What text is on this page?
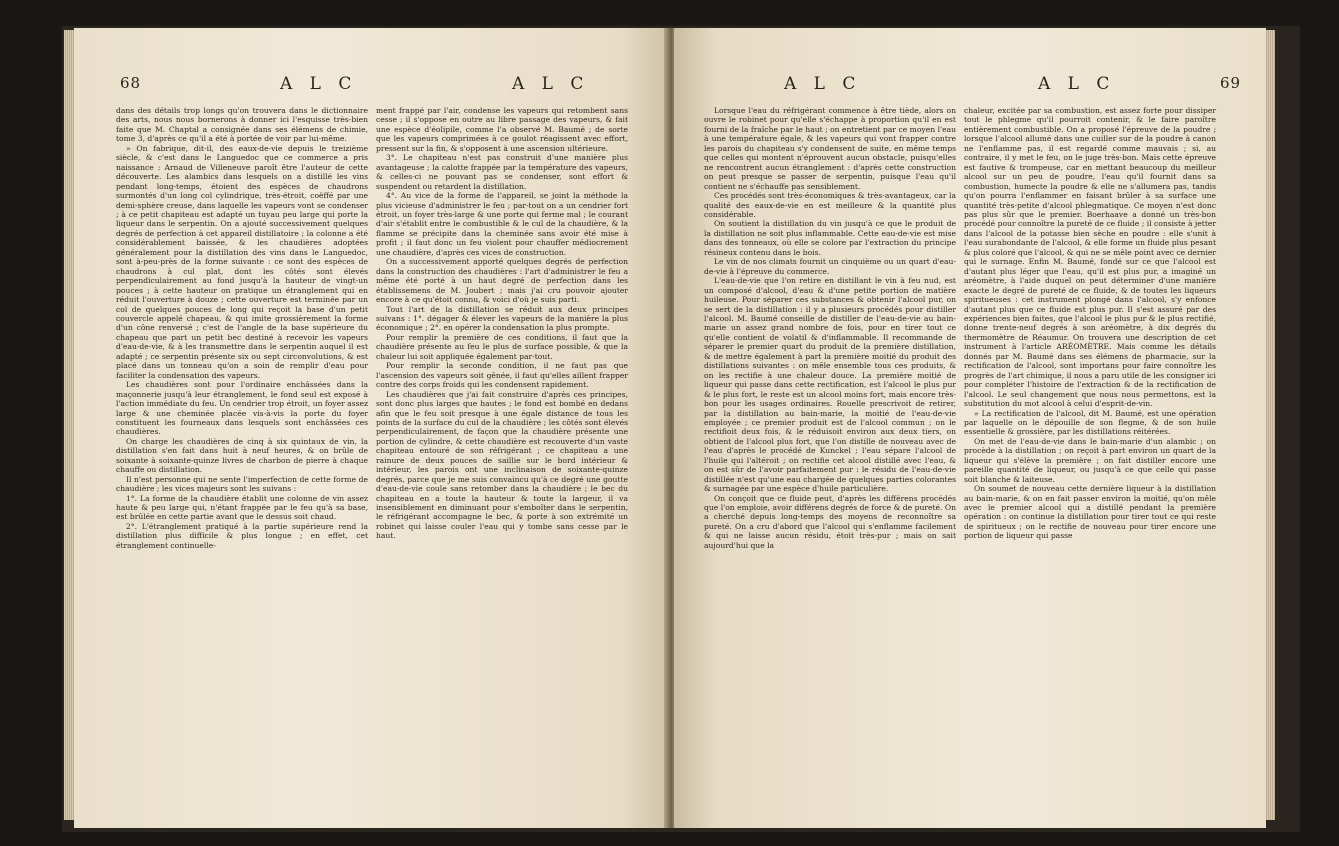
68	A L C	A L C

dans des détails trop longs qu'on trouvera dans le dictionnaire des arts, nous nous bornerons à donner ici l'esquisse très-bien faite que M. Chaptal a consignée dans ses élémens de chimie, tome 3, d'après ce qu'il a été à portée de voir par lui-même.

» On fabrique, dit-il, des eaux-de-vie depuis le treizième siècle, & c'est dans le Languedoc que ce commerce a pris naissance : Arnaud de Villeneuve paroît être l'auteur de cette découverte. Les alambics dans lesquels on a distillé les vins pendant long-temps, étoient des espèces de chaudrons surmontés d'un long col cylindrique, très-étroit, coëffé par une demi-sphère creuse, dans laquelle les vapeurs vont se condenser ; à ce petit chapiteau est adapté un tuyau peu large qui porte la liqueur dans le serpentin. On a ajouté successivement quelques degrés de perfection à cet appareil distillatoire ; la colonne a été considérablement baissée, & les chaudières adoptées généralement pour la distillation des vins dans le Languedoc, sont à-peu-près de la forme suivante : ce sont des espèces de chaudrons à cul plat, dont les côtés sont élevés perpendiculairement au fond jusqu'à la hauteur de vingt-un pouces ; à cette hauteur on pratique un étranglement qui en réduit l'ouverture à douze ; cette ouverture est terminée par un col de quelques pouces de long qui reçoit la base d'un petit couvercle appelé chapeau, & qui imite grossièrement la forme d'un cône renversé ; c'est de l'angle de la base supérieure du chapeau que part un petit bec destiné à recevoir les vapeurs d'eau-de-vie, & à les transmettre dans le serpentin auquel il est adapté ; ce serpentin présente six ou sept circonvolutions, & est placé dans un tonneau qu'on a soin de remplir d'eau pour faciliter la condensation des vapeurs.

Les chaudières sont pour l'ordinaire enchâssées dans la maçonnerie jusqu'à leur étranglement, le fond seul est exposé à l'action immédiate du feu. Un cendrier trop étroit, un foyer assez large & une cheminée placée vis-à-vis la porte du foyer constituent les fourneaux dans lesquels sont enchâssées ces chaudières.

On charge les chaudières de cinq à six quintaux de vin, la distillation s'en fait dans huit à neuf heures, & on brûle de soixante à soixante-quinze livres de charbon de pierre à chaque chauffe ou distillation.

Il n'est personne qui ne sente l'imperfection de cette forme de chaudière ; les vices majeurs sont les suivans :

1°. La forme de la chaudière établit une colonne de vin assez haute & peu large qui, n'étant frappée par le feu qu'à sa base, est brûlée en cette partie avant que le dessus soit chaud.

2°. L'étranglement pratiqué à la partie supérieure rend la distillation plus difficile & plus longue ; en effet, cet étranglement continuelle-

ment frappé par l'air, condense les vapeurs qui retombent sans cesse ; il s'oppose en outre au libre passage des vapeurs, & fait une espèce d'éolipile, comme l'a observé M. Baumé ; de sorte que les vapeurs comprimées à ce goulot réagissent avec effort, pressent sur la fin, & s'opposent à une ascension ultérieure.

3°. Le chapiteau n'est pas construit d'une manière plus avantageuse ; la calotte frappée par la température des vapeurs, & celles-ci ne pouvant pas se condenser, sont effort & suspendent ou retardent la distillation.

4°. Au vice de la forme de l'appareil, se joint la méthode la plus vicieuse d'administrer le feu ; par-tout on a un cendrier fort étroit, un foyer très-large & une porte qui ferme mal ; le courant d'air s'établit entre le combustible & le cul de la chaudière, & la flamme se précipite dans la cheminée sans avoir été mise à profit ; il faut donc un feu violent pour chauffer médiocrement une chaudière, d'après ces vices de construction.

On a successivement apporté quelques degrés de perfection dans la construction des chaudières : l'art d'administrer le feu a même été porté à un haut degré de perfection dans les établissemens de M. Joubert ; mais j'ai cru pouvoir ajouter encore à ce qu'étoit connu, & voici d'où je suis parti.

Tout l'art de la distillation se réduit aux deux principes suivans : 1°. dégager & élever les vapeurs de la manière la plus économique ; 2°. en opérer la condensation la plus prompte.

Pour remplir la première de ces conditions, il faut que la chaudière présente au feu le plus de surface possible, & que la chaleur lui soit appliquée également par-tout.

Pour remplir la seconde condition, il ne faut pas que l'ascension des vapeurs soit gênée, il faut qu'elles aillent frapper contre des corps froids qui les condensent rapidement.

Les chaudières que j'ai fait construire d'après ces principes, sont donc plus larges que hautes ; le fond est bombé en dedans afin que le feu soit presque à une égale distance de tous les points de la surface du cul de la chaudière ; les côtés sont élevés perpendiculairement, de façon que la chaudière présente une portion de cylindre, & cette chaudière est recouverte d'un vaste chapiteau entouré de son réfrigérant ; ce chapiteau a une rainure de deux pouces de saillie sur le bord intérieur & intérieur, les parois ont une inclinaison de soixante-quinze degrés, parce que je me suis convaincu qu'à ce degré une goutte d'eau-de-vie coule sans retomber dans la chaudière ; le bec du chapiteau en a toute la hauteur & toute la largeur, il va insensiblement en diminuant pour s'emboîter dans le serpentin, le réfrigérant accompagne le bec, & porte à son extrémité un robinet qui laisse couler l'eau qui y tombe sans cesse par le haut.

A L C	A L C	69

Lorsque l'eau du réfrigérant commence à être tiède, alors on ouvre le robinet pour qu'elle s'échappe à proportion qu'il en est fourni de la fraîche par le haut ; on entretient par ce moyen l'eau à une température égale, & les vapeurs qui vont frapper contre les parois du chapiteau s'y condensent de suite, en même temps que celles qui montent n'éprouvent aucun obstacle, puisqu'elles ne rencontrent aucun étranglement : d'après cette construction on peut presque se passer de serpentin, puisque l'eau qu'il contient ne s'échauffe pas sensiblement.

Ces procédés sont très-économiques & très-avantageux, car la qualité des eaux-de-vie en est meilleure & la quantité plus considérable.

On soutient la distillation du vin jusqu'à ce que le produit de la distillation ne soit plus inflammable. Cette eau-de-vie est mise dans des tonneaux, où elle se colore par l'extraction du principe résineux contenu dans le bois.

Le vin de nos climats fournit un cinquième ou un quart d'eau-de-vie à l'épreuve du commerce.

L'eau-de-vie que l'on retire en distillant le vin à feu nud, est un composé d'alcool, d'eau & d'une petite portion de matière huileuse. Pour séparer ces substances & obtenir l'alcool pur, on se sert de la distillation : il y a plusieurs procédés pour distiller l'alcool. M. Baumé conseille de distiller de l'eau-de-vie au bain-marie un assez grand nombre de fois, pour en tirer tout ce qu'elle contient de volatil & d'inflammable. Il recommande de séparer le premier quart du produit de la première distillation, & de mettre également à part la première moitié du produit des distillations suivantes : on mêle ensemble tous ces produits, & on les rectifie à une chaleur douce. La première moitié de liqueur qui passe dans cette rectification, est l'alcool le plus pur & le plus fort, le reste est un alcool moins fort, mais encore très-bon pour les usages ordinaires. Rouelle prescrivoit de retirer, par la distillation au bain-marie, la moitié de l'eau-de-vie employée ; ce premier produit est de l'alcool commun ; on le rectifioit deux fois, & le réduisoit environ aux deux tiers, on obtient de l'alcool plus fort, que l'on distille de nouveau avec de l'eau d'après le procédé de Kunckel ; l'eau sépare l'alcool de l'huile qui l'altéroit ; on rectifie cet alcool distillé avec l'eau, & on est sûr de l'avoir parfaitement pur : le résidu de l'eau-de-vie distillée n'est qu'une eau chargée de quelques parties colorantes & surnagée par une espèce d'huile particulière.

On conçoit que ce fluide peut, d'après les différens procédés que l'on emploie, avoir différens degrés de force & de pureté. On a cherché depuis long-temps des moyens de reconnoître sa pureté. On a cru d'abord que l'alcool qui s'enflamme facilement & qui ne laisse aucun résidu, étoit très-pur ; mais on sait aujourd'hui que la

chaleur, excitée par sa combustion, est assez forte pour dissiper tout le phlegme qu'il pourroit contenir, & le faire paroître entièrement combustible. On a proposé l'épreuve de la poudre ; lorsque l'alcool allumé dans une cuiller sur de la poudre à canon ne l'enflamme pas, il est regardé comme mauvais ; si, au contraire, il y met le feu, on le juge très-bon. Mais cette épreuve est fautive & trompeuse, car en mettant beaucoup du meilleur alcool sur un peu de poudre, l'eau qu'il fournit dans sa combustion, humecte la poudre & elle ne s'allumera pas, tandis qu'on pourra l'enflammer en faisant brûler à sa surface une quantité très-petite d'alcool phlegmatique. Ce moyen n'est donc pas plus sûr que le premier. Boerhaave a donné un très-bon procédé pour connoître la pureté de ce fluide ; il consiste à jetter dans l'alcool de la potasse bien sèche en poudre : elle s'unit à l'eau surabondante de l'alcool, & elle forme un fluide plus pesant & plus coloré que l'alcool, & qui ne se mêle point avec ce dernier qui le surnage. Enfin M. Baumé, fondé sur ce que l'alcool est d'autant plus léger que l'eau, qu'il est plus pur, a imaginé un aréomètre, à l'aide duquel on peut déterminer d'une manière exacte le degré de pureté de ce fluide, & de toutes les liqueurs spiritueuses : cet instrument plongé dans l'alcool, s'y enfonce d'autant plus que ce fluide est plus pur. Il s'est assuré par des expériences bien faites, que l'alcool le plus pur & le plus rectifié, donne trente-neuf degrés à son aréomètre, à dix degrés du thermomètre de Réaumur. On trouvera une description de cet instrument à l'article ARÉOMÈTRE. Mais comme les détails donnés par M. Baumé dans ses élémens de pharmacie, sur la rectification de l'alcool, sont importans pour faire connoître les progrès de l'art chimique, il nous a paru utile de les consigner ici pour compléter l'histoire de l'extraction & de la rectification de l'alcool. Le seul changement que nous nous permettons, est la substitution du mot alcool à celui d'esprit-de-vin.

» La rectification de l'alcool, dit M. Baumé, est une opération par laquelle on le dépouille de son flegme, & de son huile essentielle & grossière, par les distillations réitérées.

On met de l'eau-de-vie dans le bain-marie d'un alambic ; on procède à la distillation ; on reçoit à part environ un quart de la liqueur qui s'élève la première ; on fait distiller encore une pareille quantité de liqueur, ou jusqu'à ce que celle qui passe soit blanche & laiteuse.

On soumet de nouveau cette dernière liqueur à la distillation au bain-marie, & on en fait passer environ la moitié, qu'on mêle avec le premier alcool qui a distillé pendant la première opération : on continue la distillation pour tirer tout ce qui reste de spiritueux ; on le rectifie de nouveau pour tirer encore une portion de liqueur qui passe
